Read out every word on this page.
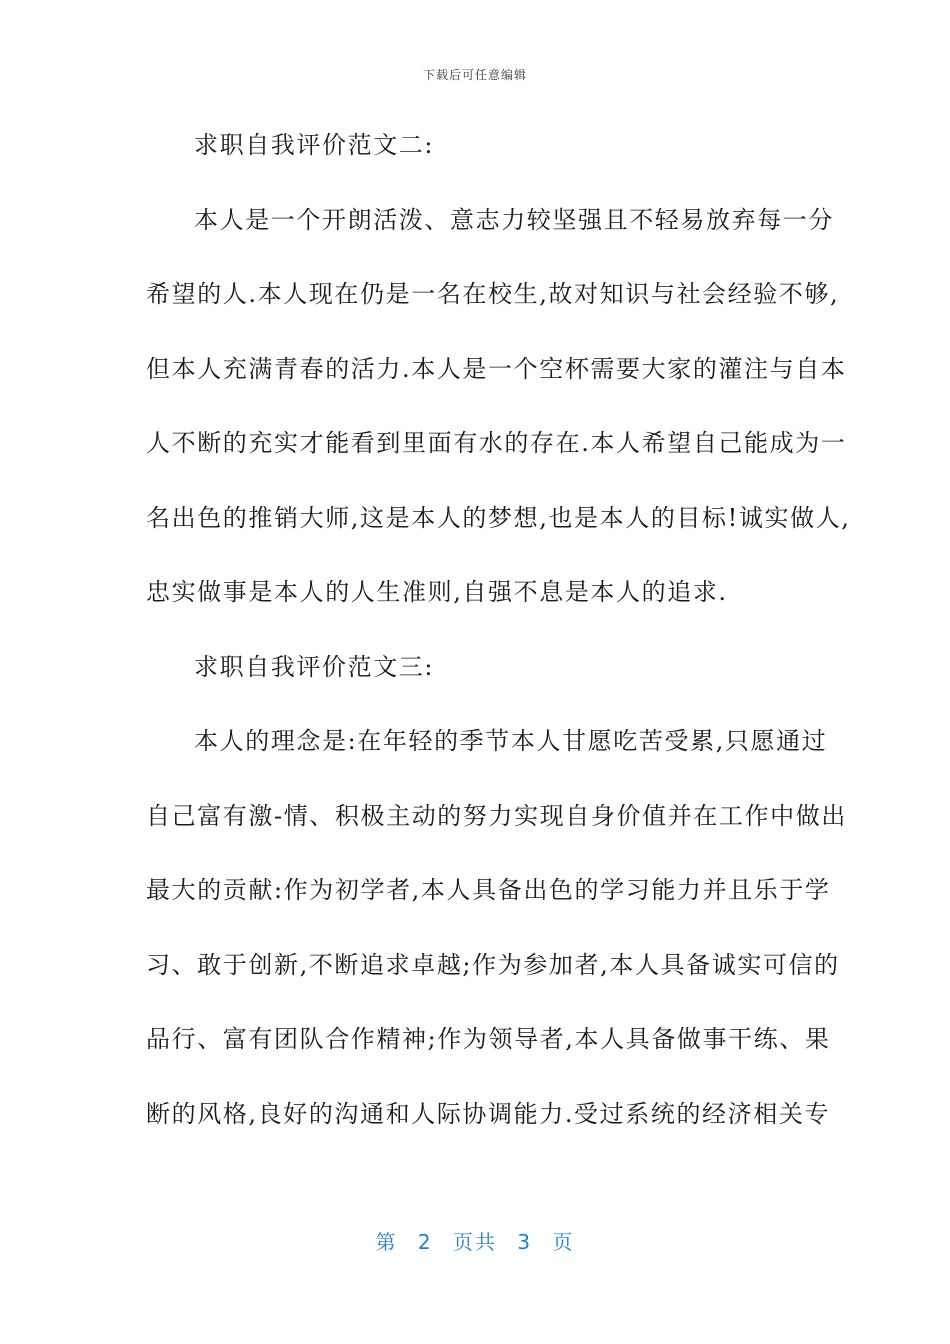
下载后可任意编辑
求职自我评价范文二:
本人是一个开朗活泼、意志力较坚强且不轻易放弃每一分
希望的人.本人现在仍是一名在校生,故对知识与社会经验不够,
但本人充满青春的活力.本人是一个空杯需要大家的灌注与自本
人不断的充实才能看到里面有水的存在.本人希望自己能成为一
名出色的推销大师,这是本人的梦想,也是本人的目标!诚实做人,
忠实做事是本人的人生准则,自强不息是本人的追求.
求职自我评价范文三:
本人的理念是:在年轻的季节本人甘愿吃苦受累,只愿通过
自己富有激-情、积极主动的努力实现自身价值并在工作中做出
最大的贡献:作为初学者,本人具备出色的学习能力并且乐于学
习、敢于创新,不断追求卓越;作为参加者,本人具备诚实可信的
品行、富有团队合作精神;作为领导者,本人具备做事干练、果
断的风格,良好的沟通和人际协调能力.受过系统的经济相关专
第 2 页共 3 页
